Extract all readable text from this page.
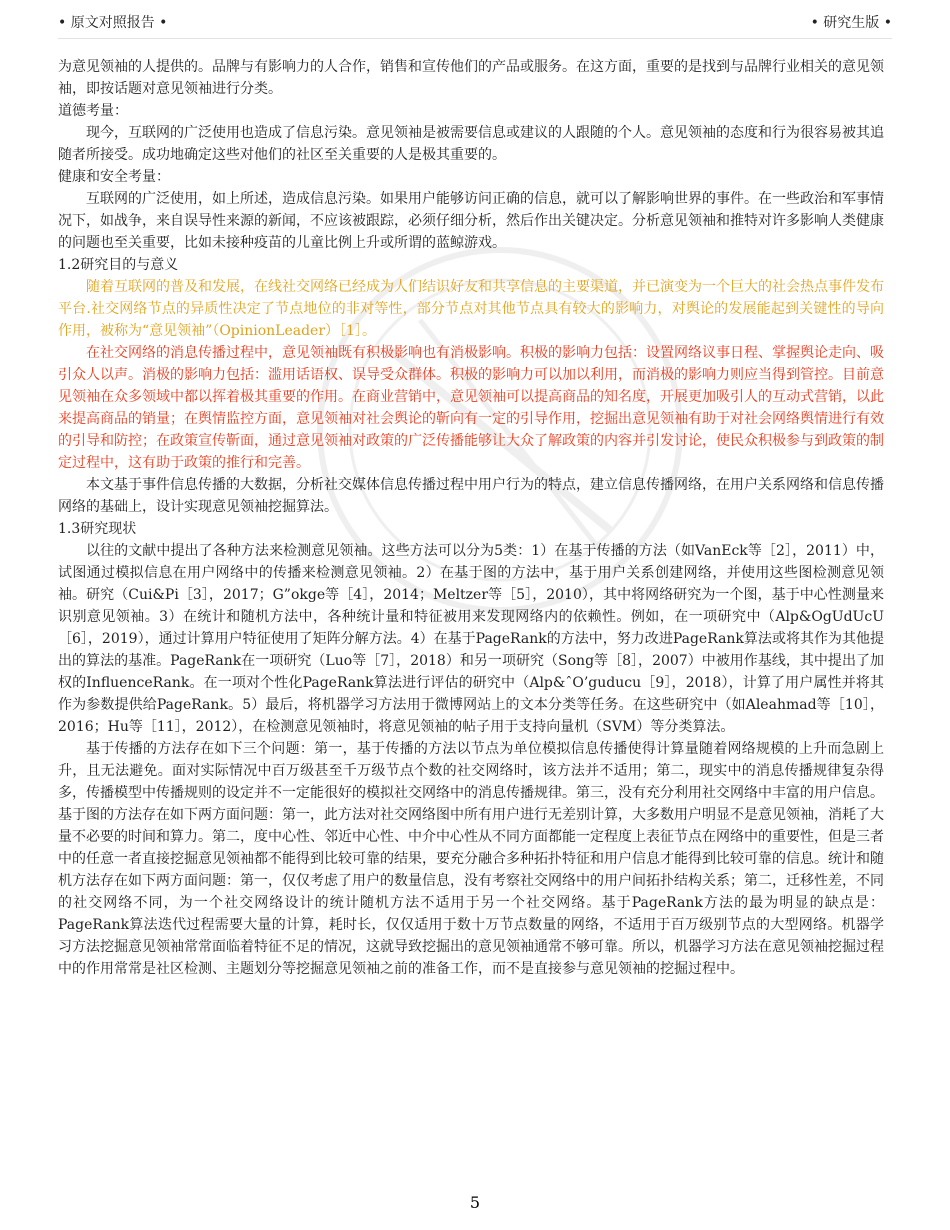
• 原文对照报告 •	• 研究生版 •

为意见领袖的人提供的。品牌与有影响力的人合作，销售和宣传他们的产品或服务。在这方面，重要的是找到与品牌行业相关的意见领袖，即按话题对意见领袖进行分类。

道德考量：

现今，互联网的广泛使用也造成了信息污染。意见领袖是被需要信息或建议的人跟随的个人。意见领袖的态度和行为很容易被其追随者所接受。成功地确定这些对他们的社区至关重要的人是极其重要的。

健康和安全考量：

互联网的广泛使用，如上所述，造成信息污染。如果用户能够访问正确的信息，就可以了解影响世界的事件。在一些政治和军事情况下，如战争，来自误导性来源的新闻，不应该被跟踪，必须仔细分析，然后作出关键决定。分析意见领袖和推特对许多影响人类健康的问题也至关重要，比如未接种疫苗的儿童比例上升或所谓的蓝鲸游戏。

1.2研究目的与意义

随着互联网的普及和发展，在线社交网络已经成为人们结识好友和共享信息的主要渠道，并已演变为一个巨大的社会热点事件发布平台.社交网络节点的异质性决定了节点地位的非对等性，部分节点对其他节点具有较大的影响力，对舆论的发展能起到关键性的导向作用，被称为“意见领袖”（OpinionLeader）［1］。

在社交网络的消息传播过程中，意见领袖既有积极影响也有消极影响。积极的影响力包括：设置网络议事日程、掌握舆论走向、吸引众人以声。消极的影响力包括：滥用话语权、误导受众群体。积极的影响力可以加以利用，而消极的影响力则应当得到管控。目前意见领袖在众多领域中都以挥着极其重要的作用。在商业营销中，意见领袖可以提高商品的知名度，开展更加吸引人的互动式营销，以此来提高商品的销量；在舆情监控方面，意见领袖对社会舆论的靳向有一定的引导作用，挖掘出意见领袖有助于对社会网络舆情进行有效的引导和防控；在政策宣传靳面，通过意见领袖对政策的广泛传播能够让大众了解政策的内容并引发讨论，使民众积极参与到政策的制定过程中，这有助于政策的推行和完善。

本文基于事件信息传播的大数据，分析社交媒体信息传播过程中用户行为的特点，建立信息传播网络，在用户关系网络和信息传播网络的基础上，设计实现意见领袖挖掘算法。

1.3研究现状

以往的文献中提出了各种方法来检测意见领袖。这些方法可以分为5类：1）在基于传播的方法（如VanEck等［2］，2011）中，试图通过模拟信息在用户网络中的传播来检测意见领袖。2）在基于图的方法中，基于用户关系创建网络，并使用这些图检测意见领袖。研究（Cui&Pi［3］，2017；G”okge等［4］，2014；Meltzer等［5］，2010），其中将网络研究为一个图，基于中心性测量来识别意见领袖。3）在统计和随机方法中，各种统计量和特征被用来发现网络内的依赖性。例如，在一项研究中（Alp&OgUdUcU［6］，2019），通过计算用户特征使用了矩阵分解方法。4）在基于PageRank的方法中，努力改进PageRank算法或将其作为其他提出的算法的基准。PageRank在一项研究（Luo等［7］，2018）和另一项研究（Song等［8］，2007）中被用作基线，其中提出了加权的InfluenceRank。在一项对个性化PageRank算法进行评估的研究中（Alp&ˆO’guducu［9］，2018），计算了用户属性并将其作为参数提供给PageRank。5）最后，将机器学习方法用于微博网站上的文本分类等任务。在这些研究中（如Aleahmad等［10］，2016；Hu等［11］，2012），在检测意见领袖时，将意见领袖的帖子用于支持向量机（SVM）等分类算法。

基于传播的方法存在如下三个问题：第一，基于传播的方法以节点为单位模拟信息传播使得计算量随着网络规模的上升而急剧上升，且无法避免。面对实际情况中百万级甚至千万级节点个数的社交网络时，该方法并不适用；第二，现实中的消息传播规律复杂得多，传播模型中传播规则的设定并不一定能很好的模拟社交网络中的消息传播规律。第三，没有充分利用社交网络中丰富的用户信息。基于图的方法存在如下两方面问题：第一，此方法对社交网络图中所有用户进行无差别计算，大多数用户明显不是意见领袖，消耗了大量不必要的时间和算力。第二，度中心性、邻近中心性、中介中心性从不同方面都能一定程度上表征节点在网络中的重要性，但是三者中的任意一者直接挖掘意见领袖都不能得到比较可靠的结果，要充分融合多种拓扑特征和用户信息才能得到比较可靠的信息。统计和随机方法存在如下两方面问题：第一，仅仅考虑了用户的数量信息，没有考察社交网络中的用户间拓扑结构关系；第二，迁移性差，不同的社交网络不同，为一个社交网络设计的统计随机方法不适用于另一个社交网络。基于PageRank方法的最为明显的缺点是：PageRank算法迭代过程需要大量的计算，耗时长，仅仅适用于数十万节点数量的网络，不适用于百万级别节点的大型网络。机器学习方法挖掘意见领袖常常面临着特征不足的情况，这就导致挖掘出的意见领袖通常不够可靠。所以，机器学习方法在意见领袖挖掘过程中的作用常常是社区检测、主题划分等挖掘意见领袖之前的准备工作，而不是直接参与意见领袖的挖掘过程中。

5
